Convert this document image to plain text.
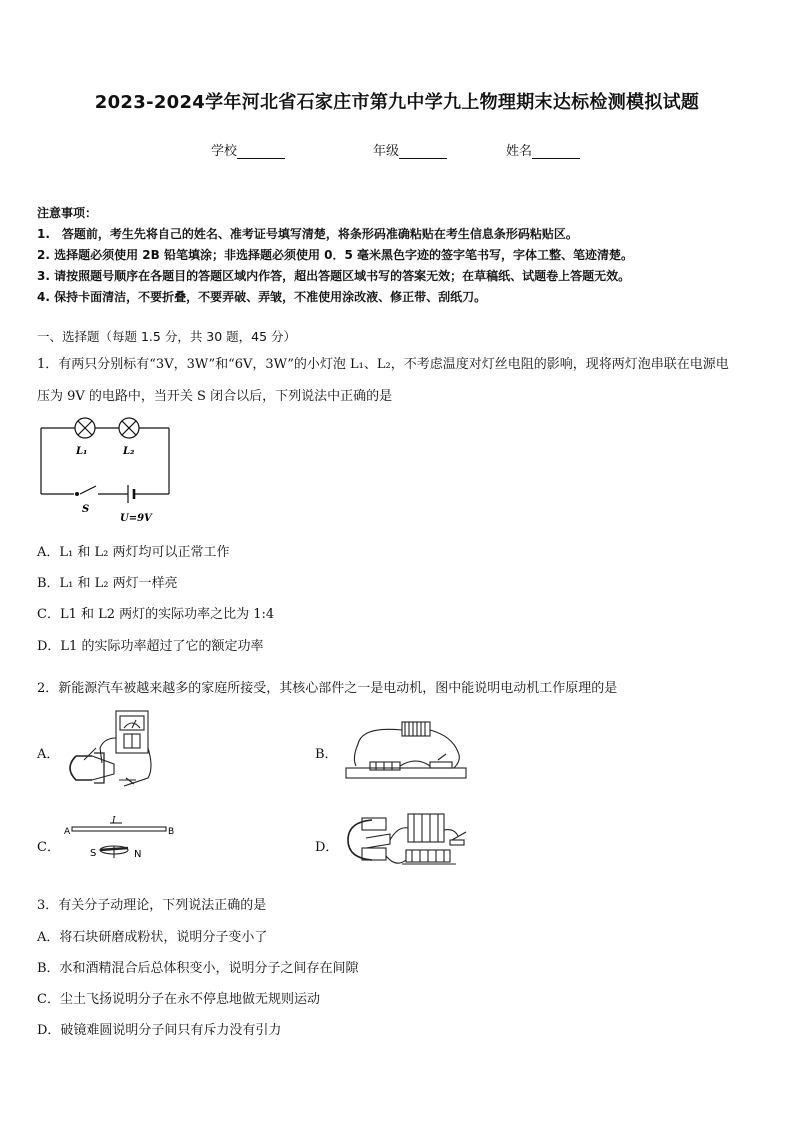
2023-2024学年河北省石家庄市第九中学九上物理期末达标检测模拟试题
学校	年级	姓名
注意事项：
1.　答题前，考生先将自己的姓名、准考证号填写清楚，将条形码准确粘贴在考生信息条形码粘贴区。
2. 选择题必须使用 2B 铅笔填涂；非选择题必须使用 0．5 毫米黑色字迹的签字笔书写，字体工整、笔迹清楚。
3. 请按照题号顺序在各题目的答题区域内作答，超出答题区域书写的答案无效；在草稿纸、试题卷上答题无效。
4. 保持卡面清洁，不要折叠，不要弄破、弄皱，不准使用涂改液、修正带、刮纸刀。
一、选择题（每题 1.5 分，共 30 题，45 分）
1．有两只分别标有“3V，3W”和“6V，3W”的小灯泡 L₁、L₂，不考虑温度对灯丝电阻的影响，现将两灯泡串联在电源电
压为 9V 的电路中，当开关 S 闭合以后，下列说法中正确的是
L₁	L₂
S
U=9V
A．L₁ 和 L₂ 两灯均可以正常工作
B．L₁ 和 L₂ 两灯一样亮
C．L1 和 L2 两灯的实际功率之比为 1:4
D．L1 的实际功率超过了它的额定功率
2．新能源汽车被越来越多的家庭所接受，其核心部件之一是电动机，图中能说明电动机工作原理的是
A．	B．
C．
A	B
I
S	N	D．
3．有关分子动理论，下列说法正确的是
A．将石块研磨成粉状，说明分子变小了
B．水和酒精混合后总体积变小，说明分子之间存在间隙
C．尘土飞扬说明分子在永不停息地做无规则运动
D．破镜难圆说明分子间只有斥力没有引力
